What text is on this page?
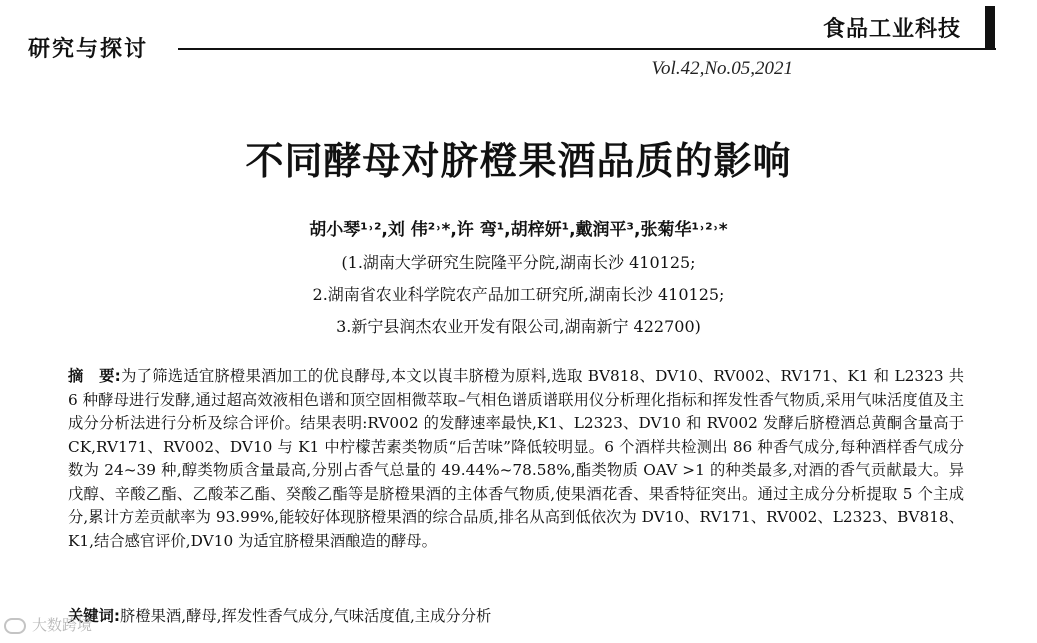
研究与探讨
食品工业科技
Vol.42,No.05,2021
不同酵母对脐橙果酒品质的影响
胡小琴¹˒²,刘 伟²˒*,许 弯¹,胡梓妍¹,戴润平³,张菊华¹˒²˒*
(1.湖南大学研究生院隆平分院,湖南长沙 410125;
2.湖南省农业科学院农产品加工研究所,湖南长沙 410125;
3.新宁县润杰农业开发有限公司,湖南新宁 422700)
摘　要:为了筛选适宜脐橙果酒加工的优良酵母,本文以崀丰脐橙为原料,选取 BV818、DV10、RV002、RV171、K1 和 L2323 共 6 种酵母进行发酵,通过超高效液相色谱和顶空固相微萃取–气相色谱质谱联用仪分析理化指标和挥发性香气物质,采用气味活度值及主成分分析法进行分析及综合评价。结果表明:RV002 的发酵速率最快,K1、L2323、DV10 和 RV002 发酵后脐橙酒总黄酮含量高于 CK,RV171、RV002、DV10 与 K1 中柠檬苦素类物质“后苦味”降低较明显。6 个酒样共检测出 86 种香气成分,每种酒样香气成分数为 24~39 种,醇类物质含量最高,分别占香气总量的 49.44%~78.58%,酯类物质 OAV >1 的种类最多,对酒的香气贡献最大。异戊醇、辛酸乙酯、乙酸苯乙酯、癸酸乙酯等是脐橙果酒的主体香气物质,使果酒花香、果香特征突出。通过主成分分析提取 5 个主成分,累计方差贡献率为 93.99%,能较好体现脐橙果酒的综合品质,排名从高到低依次为 DV10、RV171、RV002、L2323、BV818、K1,结合感官评价,DV10 为适宜脐橙果酒酿造的酵母。
关键词:脐橙果酒,酵母,挥发性香气成分,气味活度值,主成分分析
大数跨境
